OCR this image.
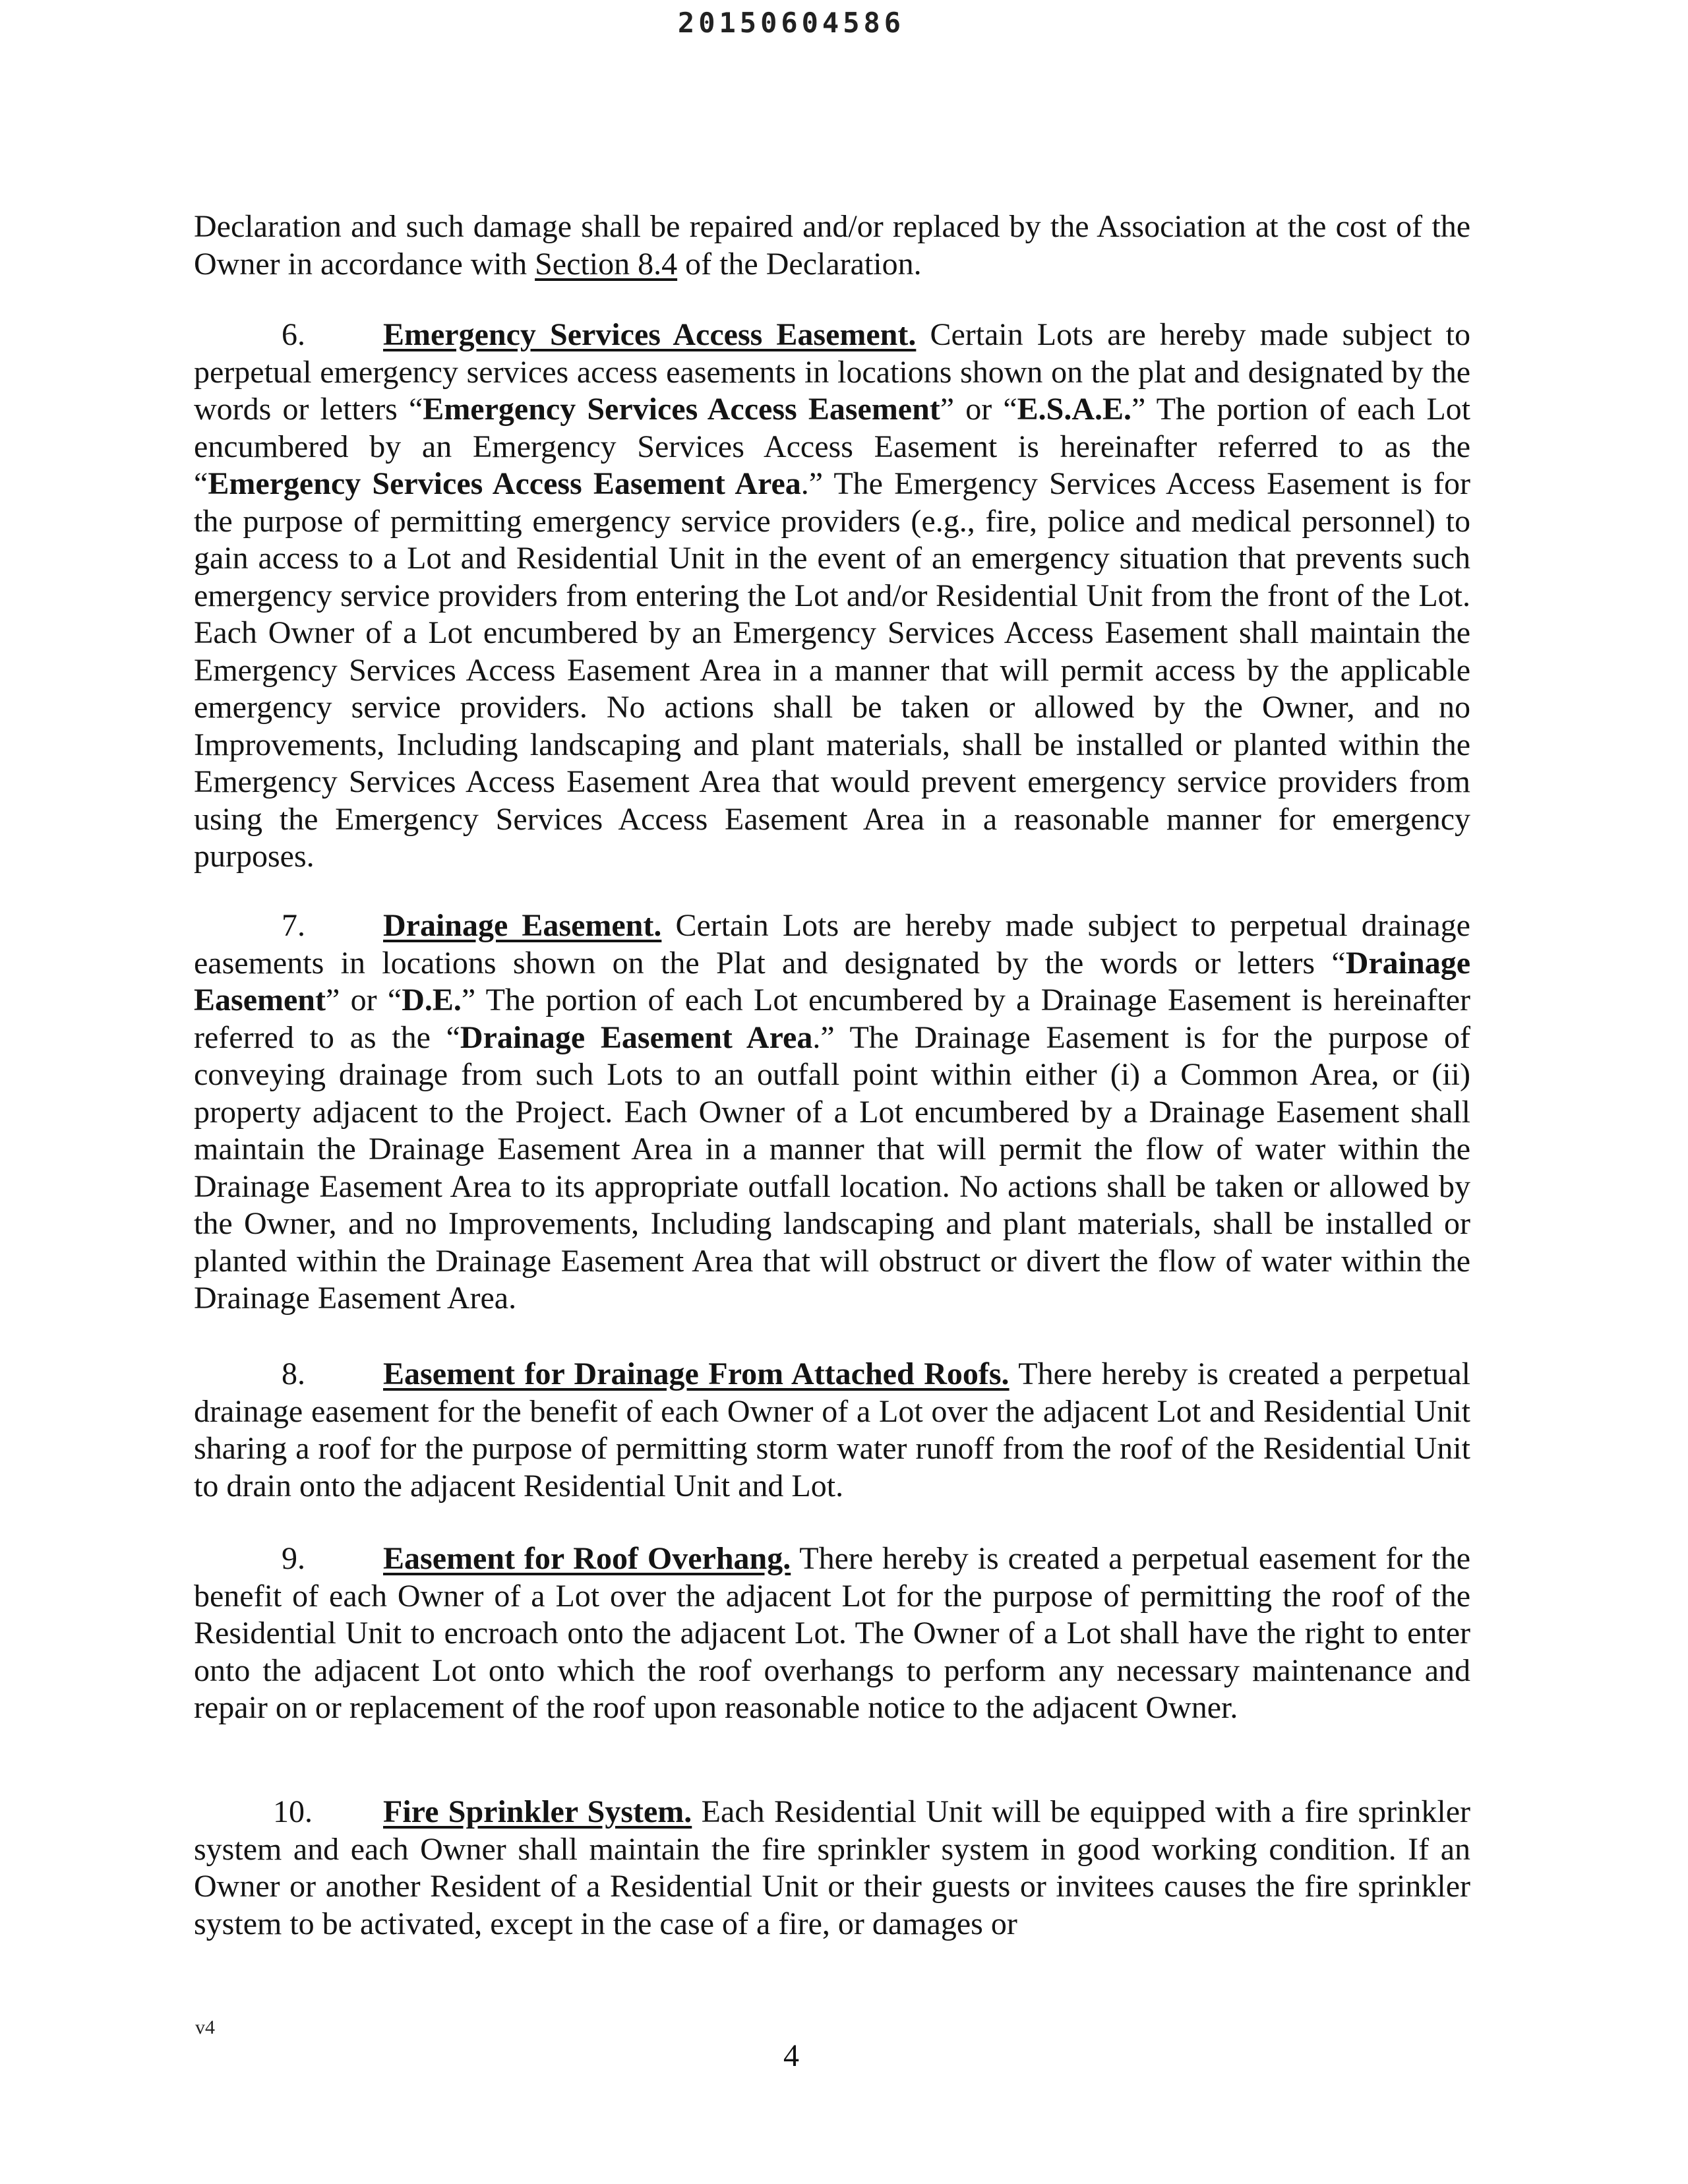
20150604586

Declaration and such damage shall be repaired and/or replaced by the Association at the cost of the Owner in accordance with Section 8.4 of the Declaration.

6. Emergency Services Access Easement. Certain Lots are hereby made subject to perpetual emergency services access easements in locations shown on the plat and designated by the words or letters “Emergency Services Access Easement” or “E.S.A.E.” The portion of each Lot encumbered by an Emergency Services Access Easement is hereinafter referred to as the “Emergency Services Access Easement Area.” The Emergency Services Access Easement is for the purpose of permitting emergency service providers (e.g., fire, police and medical personnel) to gain access to a Lot and Residential Unit in the event of an emergency situation that prevents such emergency service providers from entering the Lot and/or Residential Unit from the front of the Lot. Each Owner of a Lot encumbered by an Emergency Services Access Easement shall maintain the Emergency Services Access Easement Area in a manner that will permit access by the applicable emergency service providers. No actions shall be taken or allowed by the Owner, and no Improvements, Including landscaping and plant materials, shall be installed or planted within the Emergency Services Access Easement Area that would prevent emergency service providers from using the Emergency Services Access Easement Area in a reasonable manner for emergency purposes.

7. Drainage Easement. Certain Lots are hereby made subject to perpetual drainage easements in locations shown on the Plat and designated by the words or letters “Drainage Easement” or “D.E.” The portion of each Lot encumbered by a Drainage Easement is hereinafter referred to as the “Drainage Easement Area.” The Drainage Easement is for the purpose of conveying drainage from such Lots to an outfall point within either (i) a Common Area, or (ii) property adjacent to the Project. Each Owner of a Lot encumbered by a Drainage Easement shall maintain the Drainage Easement Area in a manner that will permit the flow of water within the Drainage Easement Area to its appropriate outfall location. No actions shall be taken or allowed by the Owner, and no Improvements, Including landscaping and plant materials, shall be installed or planted within the Drainage Easement Area that will obstruct or divert the flow of water within the Drainage Easement Area.

8. Easement for Drainage From Attached Roofs. There hereby is created a perpetual drainage easement for the benefit of each Owner of a Lot over the adjacent Lot and Residential Unit sharing a roof for the purpose of permitting storm water runoff from the roof of the Residential Unit to drain onto the adjacent Residential Unit and Lot.

9. Easement for Roof Overhang. There hereby is created a perpetual easement for the benefit of each Owner of a Lot over the adjacent Lot for the purpose of permitting the roof of the Residential Unit to encroach onto the adjacent Lot. The Owner of a Lot shall have the right to enter onto the adjacent Lot onto which the roof overhangs to perform any necessary maintenance and repair on or replacement of the roof upon reasonable notice to the adjacent Owner.

10. Fire Sprinkler System. Each Residential Unit will be equipped with a fire sprinkler system and each Owner shall maintain the fire sprinkler system in good working condition. If an Owner or another Resident of a Residential Unit or their guests or invitees causes the fire sprinkler system to be activated, except in the case of a fire, or damages or

v4
4
